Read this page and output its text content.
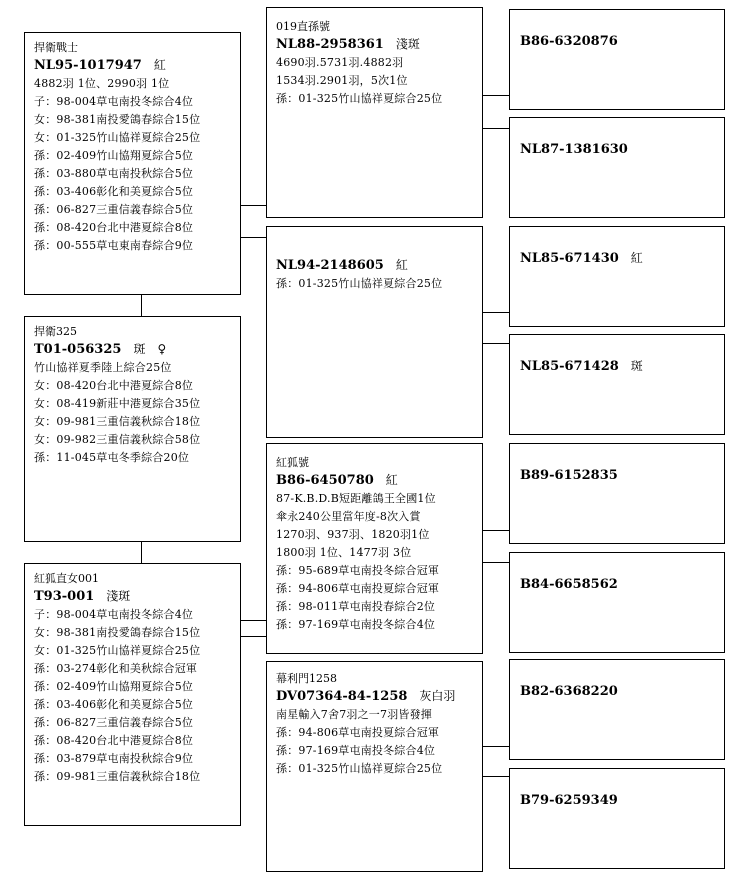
捍衛戰士
NL95-1017947 紅
4882羽 1位、2990羽 1位
子：98-004草屯南投冬綜合4位
女：98-381南投愛鴿春綜合15位
女：01-325竹山協祥夏綜合25位
孫：02-409竹山協翔夏綜合5位
孫：03-880草屯南投秋綜合5位
孫：03-406彰化和美夏綜合5位
孫：06-827三重信義春綜合5位
孫：08-420台北中港夏綜合8位
孫：00-555草屯東南春綜合9位
捍衛325
T01-056325 斑 ♀
竹山協祥夏季陸上綜合25位
女：08-420台北中港夏綜合8位
女：08-419新莊中港夏綜合35位
女：09-981三重信義秋綜合18位
女：09-982三重信義秋綜合58位
孫：11-045草屯冬季綜合20位
紅狐直女001
T93-001 淺斑
子：98-004草屯南投冬綜合4位
女：98-381南投愛鴿春綜合15位
女：01-325竹山協祥夏綜合25位
孫：03-274彰化和美秋綜合冠軍
孫：02-409竹山協翔夏綜合5位
孫：03-406彰化和美夏綜合5位
孫：06-827三重信義春綜合5位
孫：08-420台北中港夏綜合8位
孫：03-879草屯南投秋綜合9位
孫：09-981三重信義秋綜合18位
019直孫號
NL88-2958361 淺斑
4690羽.5731羽.4882羽
1534羽.2901羽，5次1位
孫：01-325竹山協祥夏綜合25位
NL94-2148605 紅
孫：01-325竹山協祥夏綜合25位
紅狐號
B86-6450780 紅
87-K.B.D.B短距離鴿王全國1位
傘永240公里當年度-8次入賞
1270羽、937羽、1820羽1位
1800羽 1位、1477羽 3位
孫：95-689草屯南投冬綜合冠軍
孫：94-806草屯南投夏綜合冠軍
孫：98-011草屯南投春綜合2位
孫：97-169草屯南投冬綜合4位
幕利門1258
DV07364-84-1258 灰白羽
南星輸入7舍7羽之一7羽皆發揮
孫：94-806草屯南投夏綜合冠軍
孫：97-169草屯南投冬綜合4位
孫：01-325竹山協祥夏綜合25位
B86-6320876
NL87-1381630
NL85-671430 紅
NL85-671428 斑
B89-6152835
B84-6658562
B82-6368220
B79-6259349
